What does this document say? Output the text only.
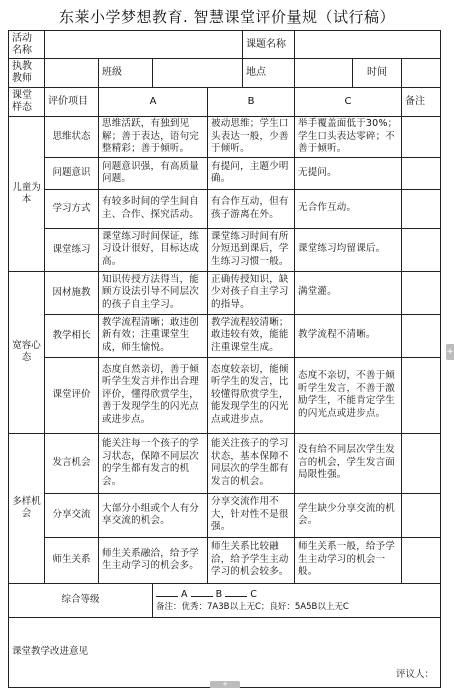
东莱小学梦想教育. 智慧课堂评价量规（试行稿）
活动名称					课题名称			
执教教师		班级			地点		时间	
课堂样态	评价项目	A		B		C		备注
儿童为本	思维状态	思维活跃，有独到见解；善于表达，语句完整精彩；善于倾听。		被动思维；学生口头表达一般，少善于倾听。		举手覆盖面低于30%；学生口头表达零碎；不善于倾听。		
	问题意识	问题意识强，有高质量问题。		有提问，主题少明确。		无提问。		
	学习方式	有较多时间的学生间自主、合作、探究活动。		有合作互动，但有孩子游离在外。		无合作互动。		
	课堂练习	课堂练习时间保证，练习设计很好，目标达成高。		课堂练习时间有所分短迅到课后，学生练习习惯一般。		课堂练习均留课后。		
宽容心态	因材施教	知识传授方法得当，能顾方设法引导不同层次的孩子自主学习。		正确传授知识，缺少对孩子自主学习的指导。		满堂灌。		
	教学相长	教学流程清晰；敢违创新有效；注重课堂生成，师生愉悦。		教学流程较清晰；敢违较有效，能能注重课堂生成。		教学流程不清晰。		
	课堂评价	态度自然亲切，善于倾听学生发言并作出合理评价，懂得欣赏学生，善于发现学生的闪光点或进步点。		态度较亲切，能倾听学生的发言，比较懂得欣赏学生，能发现学生的闪光点或进步点。		态度不亲切，不善于倾听学生发言，不善于激励学生，不能肯定学生的闪光点或进步点。		
多样机会	发言机会	能关注每一个孩子的学习状态，保障不同层次的学生都有发言的机会。		能关注孩子的学习状态，基本保障不同层次的学生都有发言的机会。		没有给不同层次学生发言的机会，学生发言面局限性强。		
	分享交流	大部分小组或个人有分享交流的机会。		分享交流作用不大，针对性不是很强。		学生缺少分享交流的机会。		
	师生关系	师生关系融洽，给予学生主动学习的机会多。		师生关系比较融洽，给予学生主动学习的机会较多。		师生关系一般，给予学生主动学习的机会一般。		
综合等级			A B C
备注：优秀：7A3B以上无C；良好：5A5B以上无C					

课堂教学改进意见
评议人：								
+
+
